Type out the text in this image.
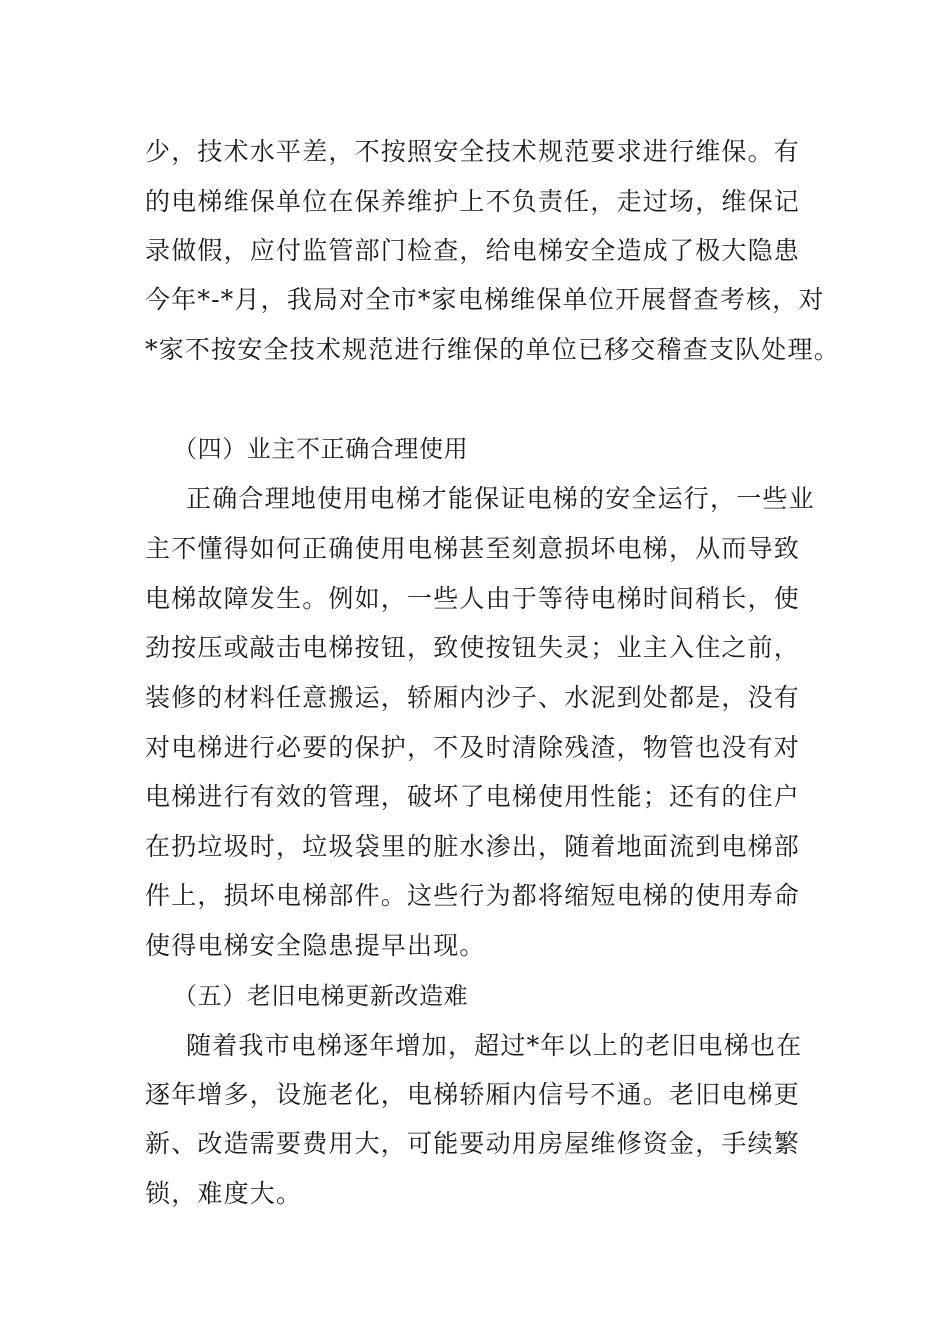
少，技术水平差，不按照安全技术规范要求进行维保。有
的电梯维保单位在保养维护上不负责任，走过场，维保记
录做假，应付监管部门检查，给电梯安全造成了极大隐患
今年*-*月，我局对全市*家电梯维保单位开展督查考核，对
*家不按安全技术规范进行维保的单位已移交稽查支队处理。
（四）业主不正确合理使用
正确合理地使用电梯才能保证电梯的安全运行，一些业
主不懂得如何正确使用电梯甚至刻意损坏电梯，从而导致
电梯故障发生。例如，一些人由于等待电梯时间稍长，使
劲按压或敲击电梯按钮，致使按钮失灵；业主入住之前，
装修的材料任意搬运，轿厢内沙子、水泥到处都是，没有
对电梯进行必要的保护，不及时清除残渣，物管也没有对
电梯进行有效的管理，破坏了电梯使用性能；还有的住户
在扔垃圾时，垃圾袋里的脏水渗出，随着地面流到电梯部
件上，损坏电梯部件。这些行为都将缩短电梯的使用寿命
使得电梯安全隐患提早出现。
（五）老旧电梯更新改造难
随着我市电梯逐年增加，超过*年以上的老旧电梯也在
逐年增多，设施老化，电梯轿厢内信号不通。老旧电梯更
新、改造需要费用大，可能要动用房屋维修资金，手续繁
锁，难度大。
